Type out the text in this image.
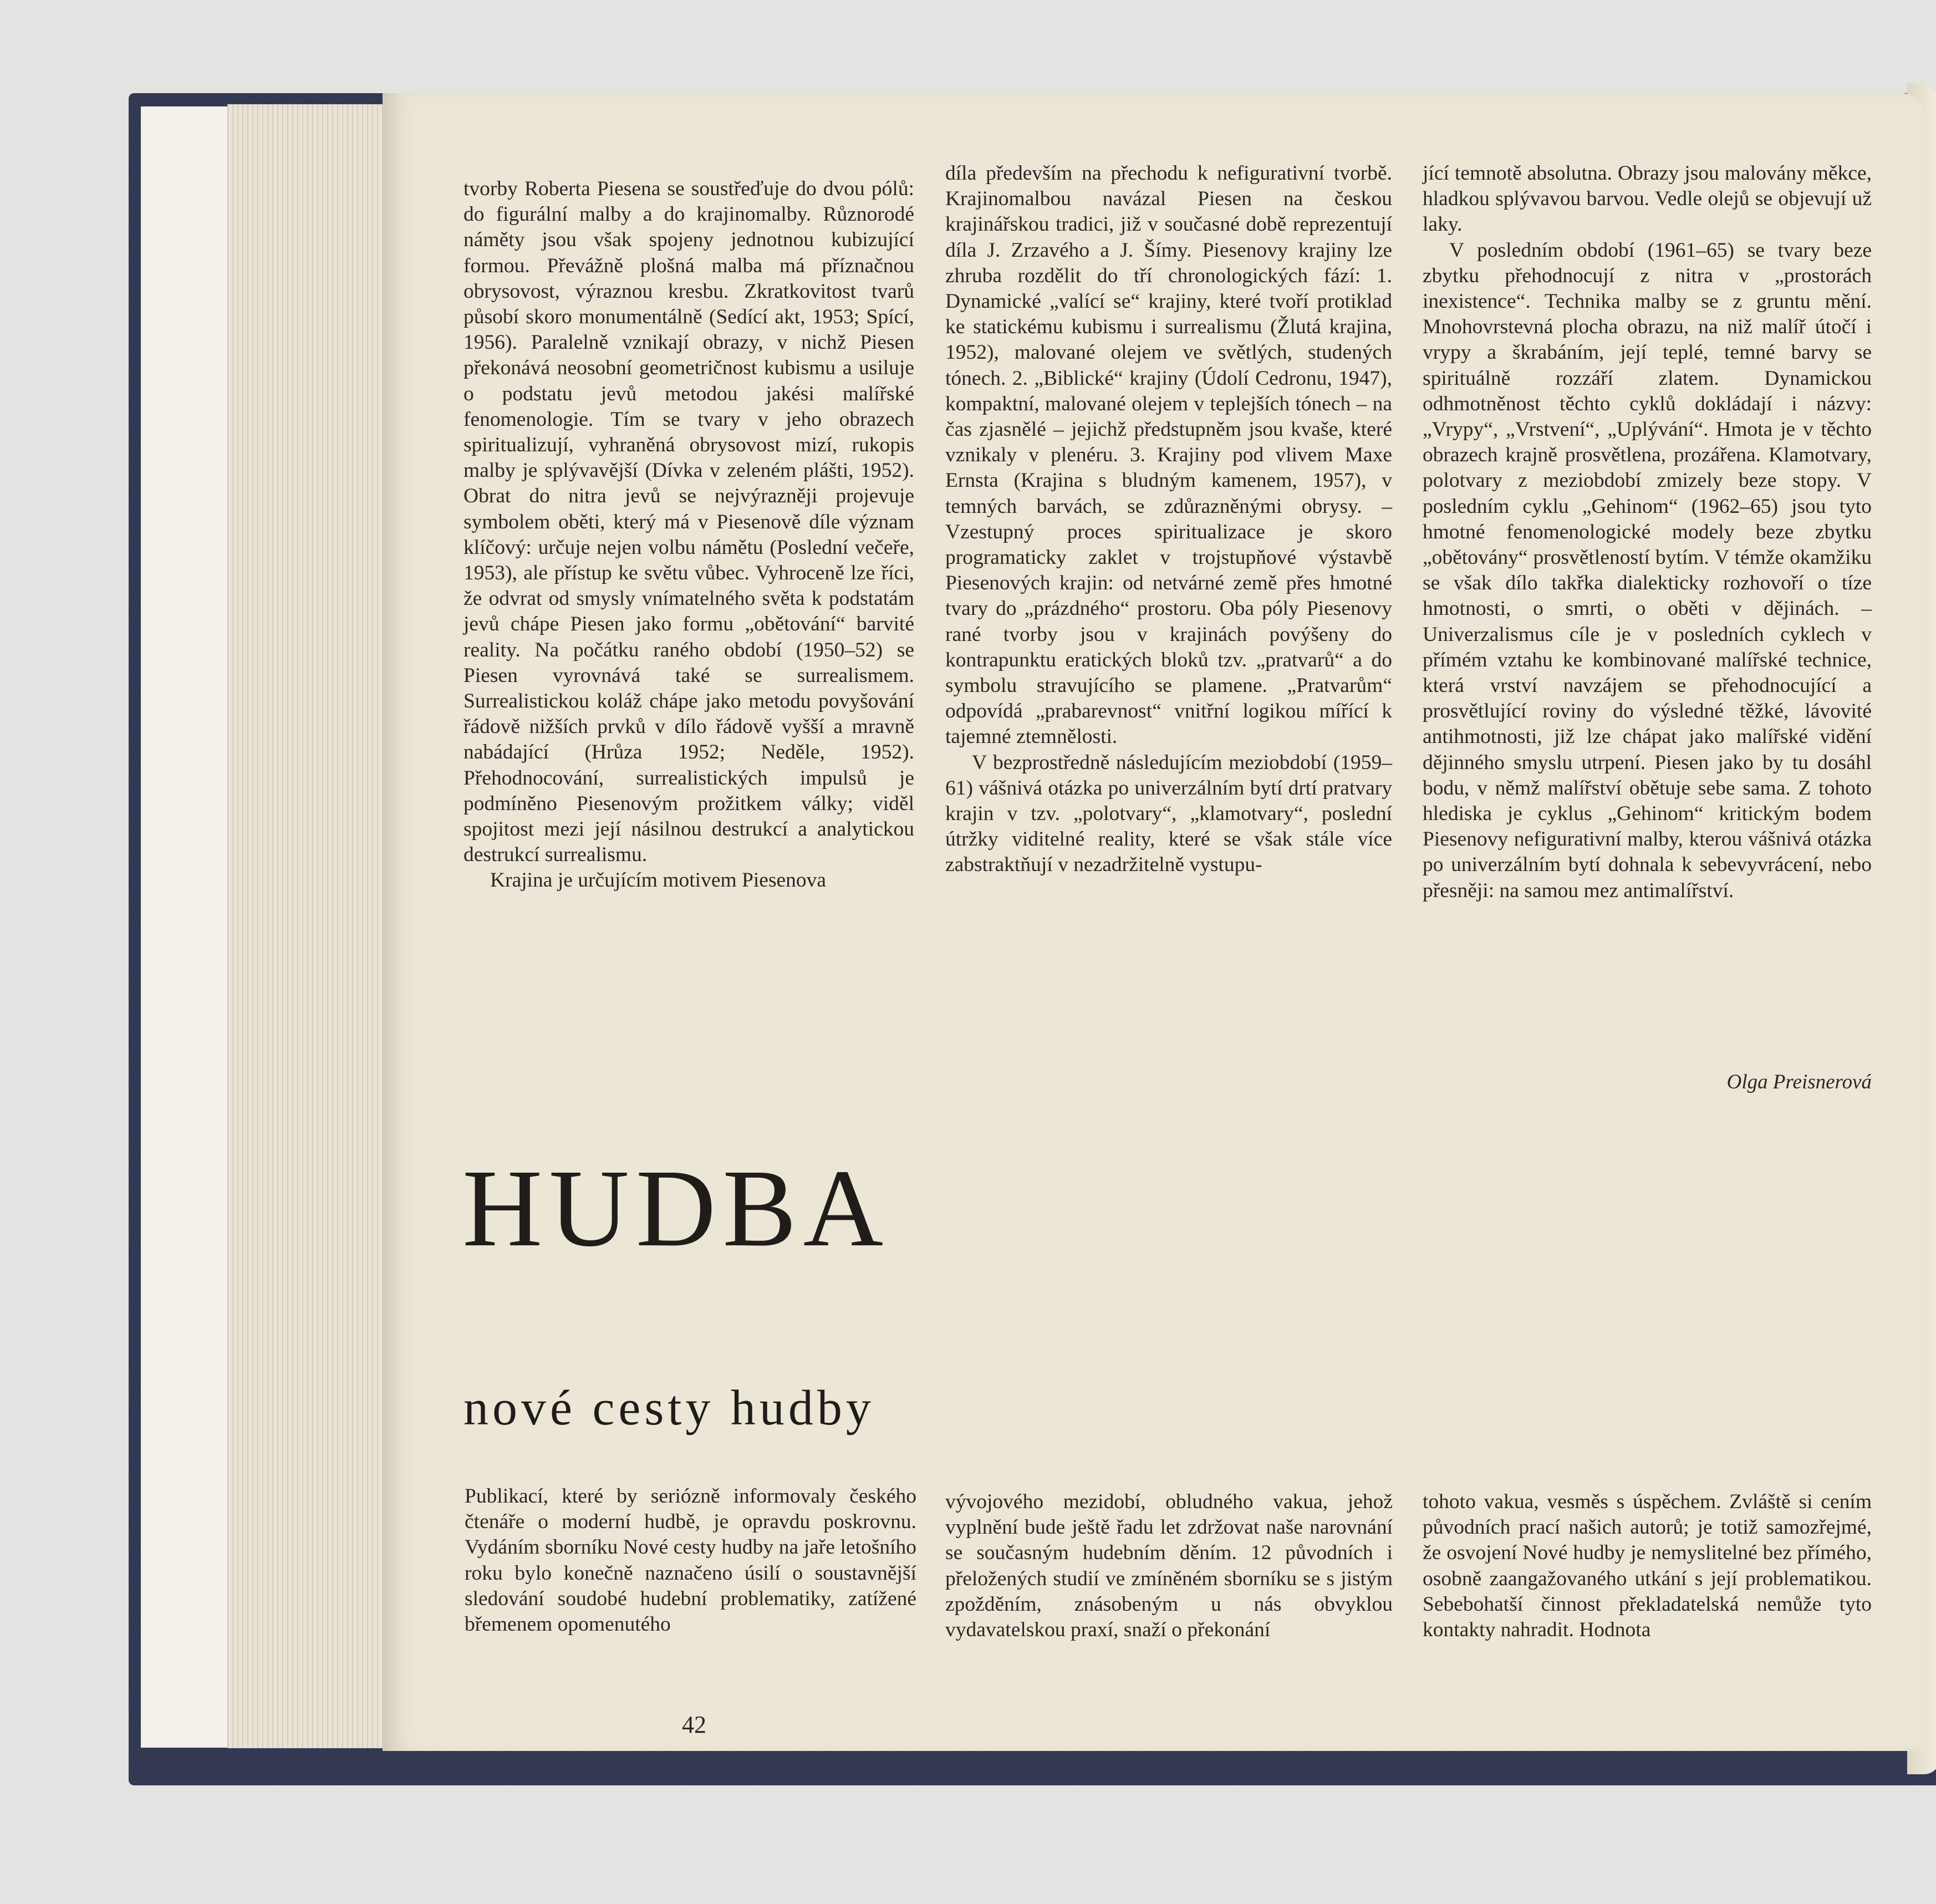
tvorby Roberta Piesena se soustřeďuje do dvou pólů: do figurální malby a do krajinomalby. Různorodé náměty jsou však spojeny jednotnou kubizující formou. Převážně plošná malba má příznačnou obrysovost, výraznou kresbu. Zkratkovitost tvarů působí skoro monumentálně (Sedící akt, 1953; Spící, 1956). Paralelně vznikají obrazy, v nichž Piesen překonává neosobní geometričnost kubismu a usiluje o podstatu jevů metodou jakési malířské fenomenologie. Tím se tvary v jeho obrazech spiritualizují, vyhraněná obrysovost mizí, rukopis malby je splývavější (Dívka v zeleném plášti, 1952). Obrat do nitra jevů se nejvýrazněji projevuje symbolem oběti, který má v Piesenově díle význam klíčový: určuje nejen volbu námětu (Poslední večeře, 1953), ale přístup ke světu vůbec. Vyhroceně lze říci, že odvrat od smysly vnímatelného světa k podstatám jevů chápe Piesen jako formu „obětování“ barvité reality. Na počátku raného období (1950–52) se Piesen vyrovnává také se surrealismem. Surrealistickou koláž chápe jako metodu povyšování řádově nižších prvků v dílo řádově vyšší a mravně nabádající (Hrůza 1952; Neděle, 1952). Přehodnocování, surrealistických impulsů je podmíněno Piesenovým prožitkem války; viděl spojitost mezi její násilnou destrukcí a analytickou destrukcí surrealismu.

Krajina je určujícím motivem Piesenova

díla především na přechodu k nefigurativní tvorbě. Krajinomalbou navázal Piesen na českou krajinářskou tradici, již v současné době reprezentují díla J. Zrzavého a J. Šímy. Piesenovy krajiny lze zhruba rozdělit do tří chronologických fází: 1. Dynamické „valící se“ krajiny, které tvoří protiklad ke statickému kubismu i surrealismu (Žlutá krajina, 1952), malované olejem ve světlých, studených tónech. 2. „Biblické“ krajiny (Údolí Cedronu, 1947), kompaktní, malované olejem v teplejších tónech – na čas zjasnělé – jejichž předstupněm jsou kvaše, které vznikaly v plenéru. 3. Krajiny pod vlivem Maxe Ernsta (Krajina s bludným kamenem, 1957), v temných barvách, se zdůrazněnými obrysy. – Vzestupný proces spiritualizace je skoro programaticky zaklet v trojstupňové výstavbě Piesenových krajin: od netvárné země přes hmotné tvary do „prázdného“ prostoru. Oba póly Piesenovy rané tvorby jsou v krajinách povýšeny do kontrapunktu eratických bloků tzv. „pratvarů“ a do symbolu stravujícího se plamene. „Pratvarům“ odpovídá „prabarevnost“ vnitřní logikou mířící k tajemné ztemnělosti.

V bezprostředně následujícím meziobdobí (1959–61) vášnivá otázka po univerzálním bytí drtí pratvary krajin v tzv. „polotvary“, „klamotvary“, poslední útržky viditelné reality, které se však stále více zabstraktňují v nezadržitelně vystupu-

jící temnotě absolutna. Obrazy jsou malovány měkce, hladkou splývavou barvou. Vedle olejů se objevují už laky.

V posledním období (1961–65) se tvary beze zbytku přehodnocují z nitra v „prostorách inexistence“. Technika malby se z gruntu mění. Mnohovrstevná plocha obrazu, na niž malíř útočí i vrypy a škrabáním, její teplé, temné barvy se spirituálně rozzáří zlatem. Dynamickou odhmotněnost těchto cyklů dokládají i názvy: „Vrypy“, „Vrstvení“, „Uplývání“. Hmota je v těchto obrazech krajně prosvětlena, prozářena. Klamotvary, polotvary z meziobdobí zmizely beze stopy. V posledním cyklu „Gehinom“ (1962–65) jsou tyto hmotné fenomenologické modely beze zbytku „obětovány“ prosvětleností bytím. V témže okamžiku se však dílo takřka dialekticky rozhovoří o tíze hmotnosti, o smrti, o oběti v dějinách. – Univerzalismus cíle je v posledních cyklech v přímém vztahu ke kombinované malířské technice, která vrství navzájem se přehodnocující a prosvětlující roviny do výsledné těžké, lávovité antihmotnosti, již lze chápat jako malířské vidění dějinného smyslu utrpení. Piesen jako by tu dosáhl bodu, v němž malířství obětuje sebe sama. Z tohoto hlediska je cyklus „Gehinom“ kritickým bodem Piesenovy nefigurativní malby, kterou vášnivá otázka po univerzálním bytí dohnala k sebevyvrácení, nebo přesněji: na samou mez antimalířství.

Olga Preisnerová

HUDBA
nové cesty hudby

Publikací, které by seriózně informovaly českého čtenáře o moderní hudbě, je opravdu poskrovnu. Vydáním sborníku Nové cesty hudby na jaře letošního roku bylo konečně naznačeno úsilí o soustavnější sledování soudobé hudební problematiky, zatížené břemenem opomenutého

vývojového mezidobí, obludného vakua, jehož vyplnění bude ještě řadu let zdržovat naše narovnání se současným hudebním děním. 12 původních i přeložených studií ve zmíněném sborníku se s jistým zpožděním, znásobeným u nás obvyklou vydavatelskou praxí, snaží o překonání

tohoto vakua, vesměs s úspěchem. Zvláště si cením původních prací našich autorů; je totiž samozřejmé, že osvojení Nové hudby je nemyslitelné bez přímého, osobně zaangažovaného utkání s její problematikou. Sebebohatší činnost překladatelská nemůže tyto kontakty nahradit. Hodnota

42
